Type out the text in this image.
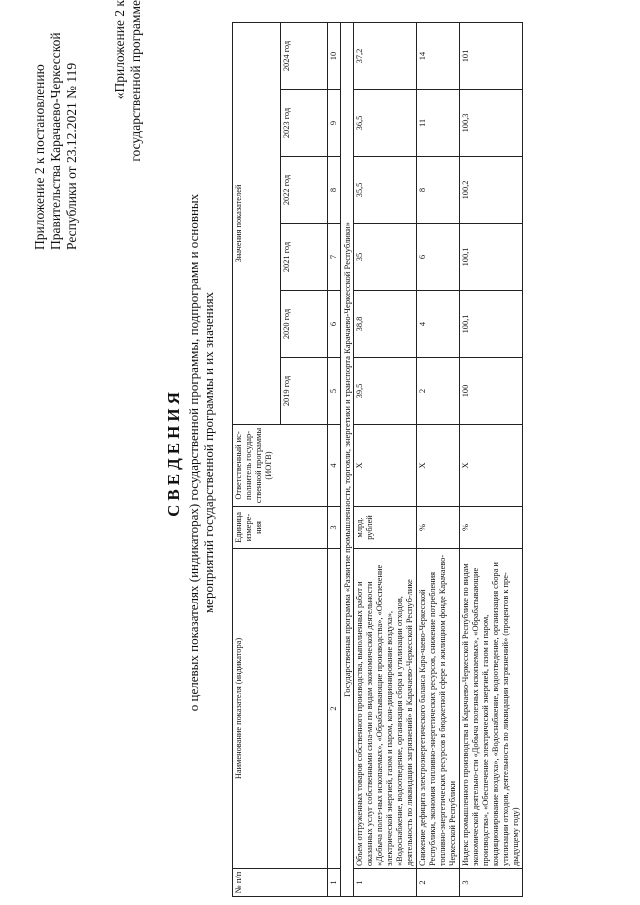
Приложение 2 к постановлению Правительства Карачаево-Черкесской Республики от 23.12.2021 № 119
«Приложение 2 к государственной программе
СВЕДЕНИЯ о целевых показателях (индикаторах) государственной программы, подпрограмм и основных мероприятий государственной программы и их значениях
№ п/п	Наименование показателя (индикатора)	Единица измере-ния	Ответственный ис-полнитель государ-ственной программы (ИОГВ)	Значения показателей					
				2019 год	2020 год	2021 год	2022 год	2023 год	2024 год
1	2	3	4	5	6	7	8	9	10
Государственная программа «Развитие промышленности, торговли, энергетики и транспорта Карачаево-Черкесской Республики»									
1	Объем отгруженных товаров собственного производства, выполненных работ и оказанных услуг собственными сила-ми по видам экономической деятельности «Добыча полез-ных ископаемых», «Обрабатывающие производства», «Обеспечение электрической энергией, газом и паром, кон-диционирование воздуха», «Водоснабжение, водоотведение, организация сбора и утилизации отходов, деятельность по ликвидации загрязнений» в Карачаево-Черкесской Респуб-лике	млрд. рублей	X	39,5	38,8	35	35,5	36,5	37,2
2	Снижение дефицита электроэнергетического баланса Кара-чаево-Черкесской Республики, экономия топливно-энергетических ресурсов, снижение потребления топливно-энергетических ресурсов в бюджетной сфере и жилищном фонде Карачаево-Черкесской Республики	%	X	2	4	6	8	11	14
3	Индекс промышленного производства в Карачаево-Черкесской Республике по видам экономической деятельно-сти «Добыча полезных ископаемых», «Обрабатывающие производства», «Обеспечение электрической энергией, газом и паром, кондиционирование воздуха», «Водоснабжение, водоотведение, организация сбора и утилизации отходов, деятельность по ликвидации загрязнений» (процентов к пре-дыдущему году)	%	X	100	100,1	100,1	100,2	100,3	101
